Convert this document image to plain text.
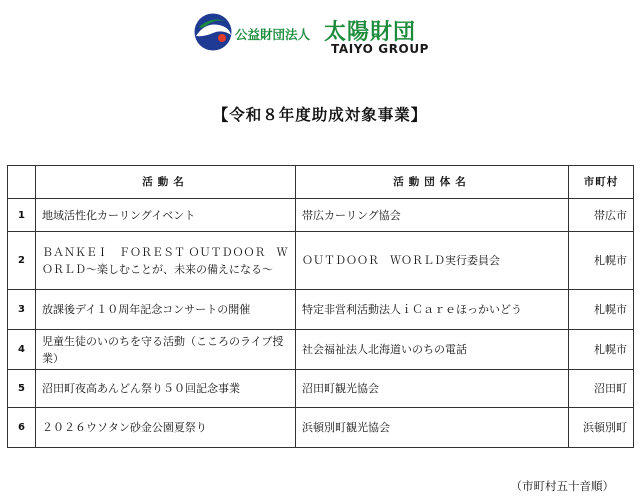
公益財団法人 太陽財団
TAIYO GROUP
【令和８年度助成対象事業】
	活動名	活動団体名	市町村
1	地域活性化カーリングイベント	帯広カーリング協会	帯広市
2	ＢＡＮＫＥＩ　ＦＯＲＥＳＴ ＯＵＴＤＯＯＲ　ＷＯＲＬＤ～楽しむことが、未来の備えになる～	ＯＵＴＤＯＯＲ　ＷＯＲＬＤ実行委員会	札幌市
3	放課後デイ１０周年記念コンサートの開催	特定非営利活動法人ｉＣａｒｅほっかいどう	札幌市
4	児童生徒のいのちを守る活動（こころのライブ授業）	社会福祉法人北海道いのちの電話	札幌市
5	沼田町夜高あんどん祭り５０回記念事業	沼田町観光協会	沼田町
6	２０２６ウソタン砂金公園夏祭り	浜頓別町観光協会	浜頓別町
（市町村五十音順）
